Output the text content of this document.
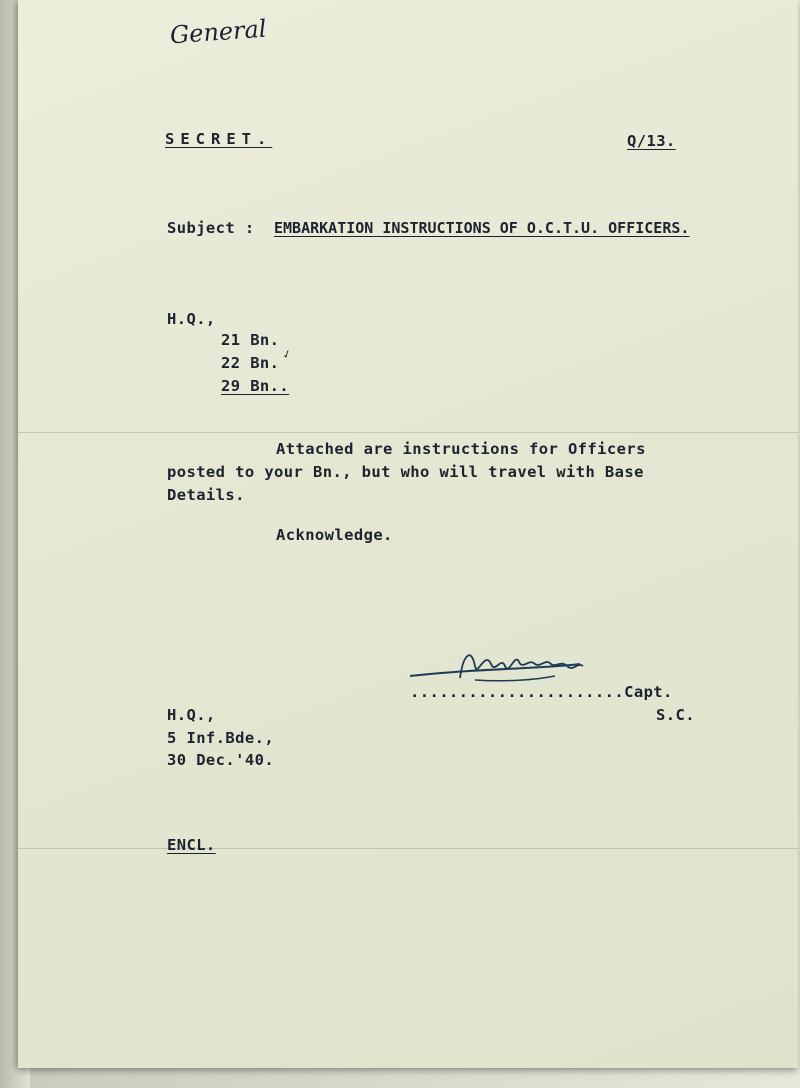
General
SECRET.	Q/13.
Subject : EMBARKATION INSTRUCTIONS OF O.C.T.U. OFFICERS.
H.Q.,
21 Bn.
22 Bn. ✓
29 Bn..
Attached are instructions for Officers
posted to your Bn., but who will travel with Base
Details.
Acknowledge.
......................Capt.
S.C.
H.Q.,
5 Inf.Bde.,
30 Dec.'40.
ENCL.
